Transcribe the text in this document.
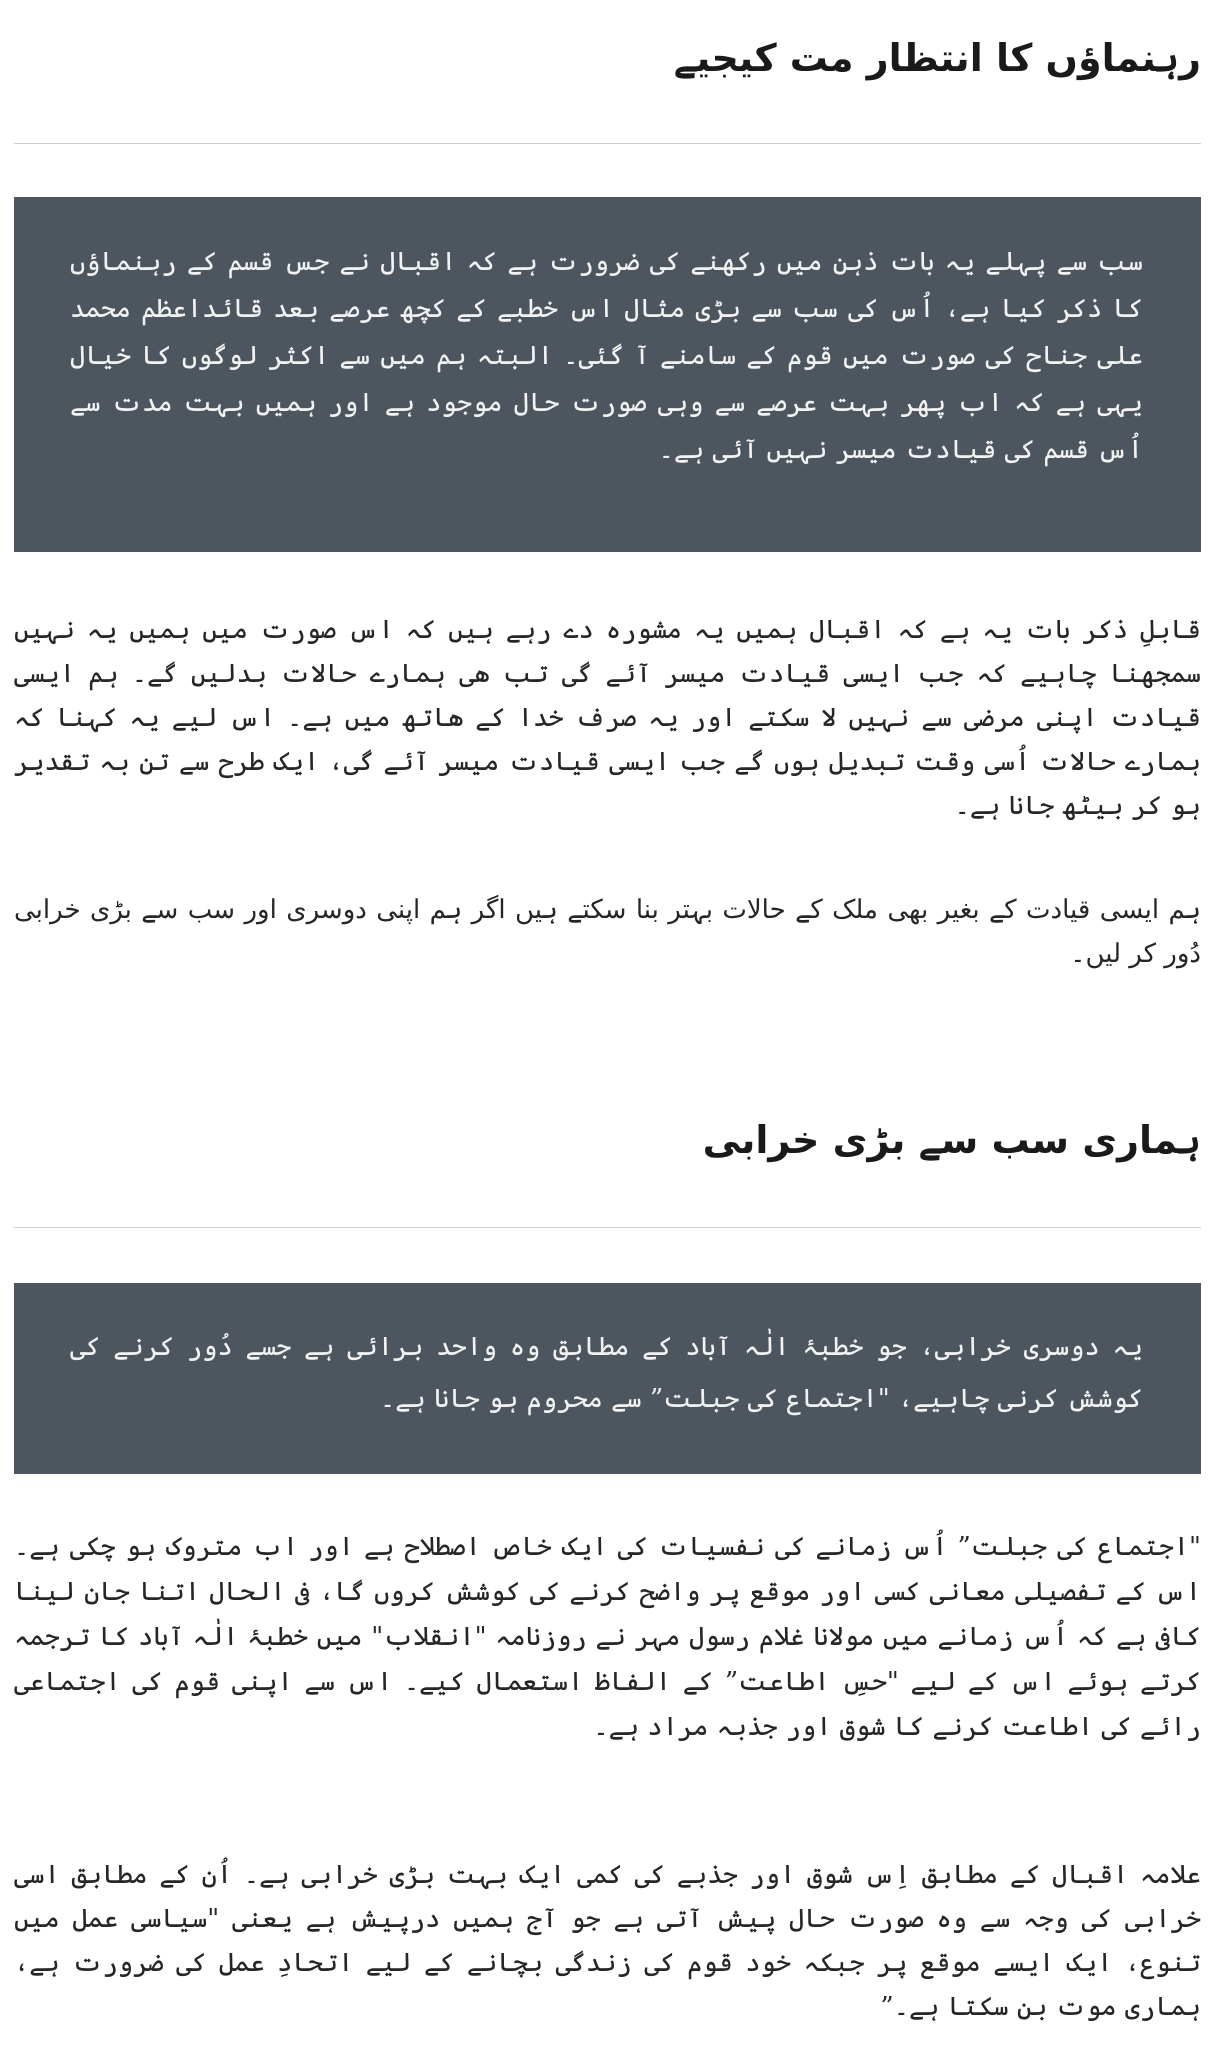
رہنماؤں کا انتظار مت کیجیے
سب سے پہلے یہ بات ذہن میں رکھنے کی ضرورت ہے کہ اقبال نے جس قسم کے رہنماؤں کا ذکر کیا ہے، اُس کی سب سے بڑی مثال اس خطبے کے کچھ عرصے بعد قائداعظم محمد علی جناح کی صورت میں قوم کے سامنے آ گئی۔ البتہ ہم میں سے اکثر لوگوں کا خیال یہی ہے کہ اب پھر بہت عرصے سے وہی صورت حال موجود ہے اور ہمیں بہت مدت سے اُس قسم کی قیادت میسر نہیں آئی ہے۔

قابلِ ذکر بات یہ ہے کہ اقبال ہمیں یہ مشورہ دے رہے ہیں کہ اس صورت میں ہمیں یہ نہیں سمجھنا چاہیے کہ جب ایسی قیادت میسر آئے گی تب ھی ہمارے حالات بدلیں گے۔ ہم ایسی قیادت اپنی مرضی سے نہیں لا سکتے اور یہ صرف خدا کے ھاتھ میں ہے۔ اس لیے یہ کہنا کہ ہمارے حالات اُسی وقت تبدیل ہوں گے جب ایسی قیادت میسر آئے گی، ایک طرح سے تن بہ تقدیر ہو کر بیٹھ جانا ہے۔

ہم ایسی قیادت کے بغیر بھی ملک کے حالات بہتر بنا سکتے ہیں اگر ہم اپنی دوسری اور سب سے بڑی خرابی دُور کر لیں۔

ہماری سب سے بڑی خرابی
یہ دوسری خرابی، جو خطبۂ الٰہ آباد کے مطابق وہ واحد برائی ہے جسے دُور کرنے کی کوشش کرنی چاہیے، "اجتماع کی جبلت” سے محروم ہو جانا ہے۔

"اجتماع کی جبلت” اُس زمانے کی نفسیات کی ایک خاص اصطلاح ہے اور اب متروک ہو چکی ہے۔ اس کے تفصیلی معانی کسی اور موقع پر واضح کرنے کی کوشش کروں گا، فی الحال اتنا جان لینا کافی ہے کہ اُس زمانے میں مولانا غلام رسول مہر نے روزنامہ "انقلاب" میں خطبۂ الٰہ آباد کا ترجمہ کرتے ہوئے اس کے لیے "حسِ اطاعت” کے الفاظ استعمال کیے۔ اس سے اپنی قوم کی اجتماعی رائے کی اطاعت کرنے کا شوق اور جذبہ مراد ہے۔

علامہ اقبال کے مطابق اِس شوق اور جذبے کی کمی ایک بہت بڑی خرابی ہے۔ اُن کے مطابق اسی خرابی کی وجہ سے وہ صورت حال پیش آتی ہے جو آج ہمیں درپیش ہے یعنی "سیاسی عمل میں تنوع، ایک ایسے موقع پر جبکہ خود قوم کی زندگی بچانے کے لیے اتحادِ عمل کی ضرورت ہے، ہماری موت بن سکتا ہے۔”
